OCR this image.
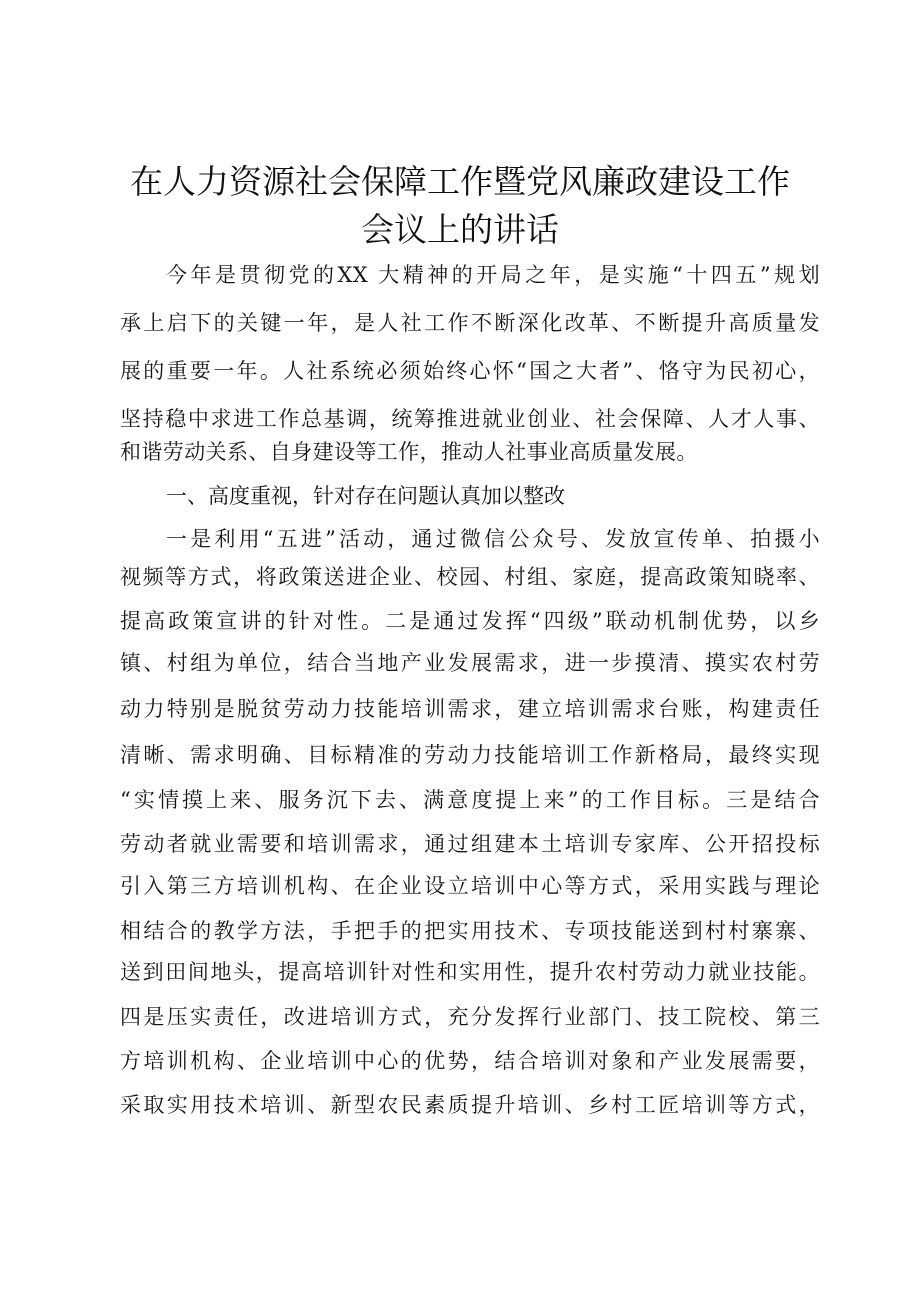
在人力资源社会保障工作暨党风廉政建设工作
会议上的讲话
今年是贯彻党的XX 大精神的开局之年，是实施“十四五”规划
承上启下的关键一年，是人社工作不断深化改革、不断提升高质量发
展的重要一年。人社系统必须始终心怀“国之大者”、恪守为民初心，
坚持稳中求进工作总基调，统筹推进就业创业、社会保障、人才人事、
和谐劳动关系、自身建设等工作，推动人社事业高质量发展。
一、高度重视，针对存在问题认真加以整改
一是利用“五进”活动，通过微信公众号、发放宣传单、拍摄小
视频等方式，将政策送进企业、校园、村组、家庭，提高政策知晓率、
提高政策宣讲的针对性。二是通过发挥“四级”联动机制优势，以乡
镇、村组为单位，结合当地产业发展需求，进一步摸清、摸实农村劳
动力特别是脱贫劳动力技能培训需求，建立培训需求台账，构建责任
清晰、需求明确、目标精准的劳动力技能培训工作新格局，最终实现
“实情摸上来、服务沉下去、满意度提上来”的工作目标。三是结合
劳动者就业需要和培训需求，通过组建本土培训专家库、公开招投标
引入第三方培训机构、在企业设立培训中心等方式，采用实践与理论
相结合的教学方法，手把手的把实用技术、专项技能送到村村寨寨、
送到田间地头，提高培训针对性和实用性，提升农村劳动力就业技能。
四是压实责任，改进培训方式，充分发挥行业部门、技工院校、第三
方培训机构、企业培训中心的优势，结合培训对象和产业发展需要，
采取实用技术培训、新型农民素质提升培训、乡村工匠培训等方式，
